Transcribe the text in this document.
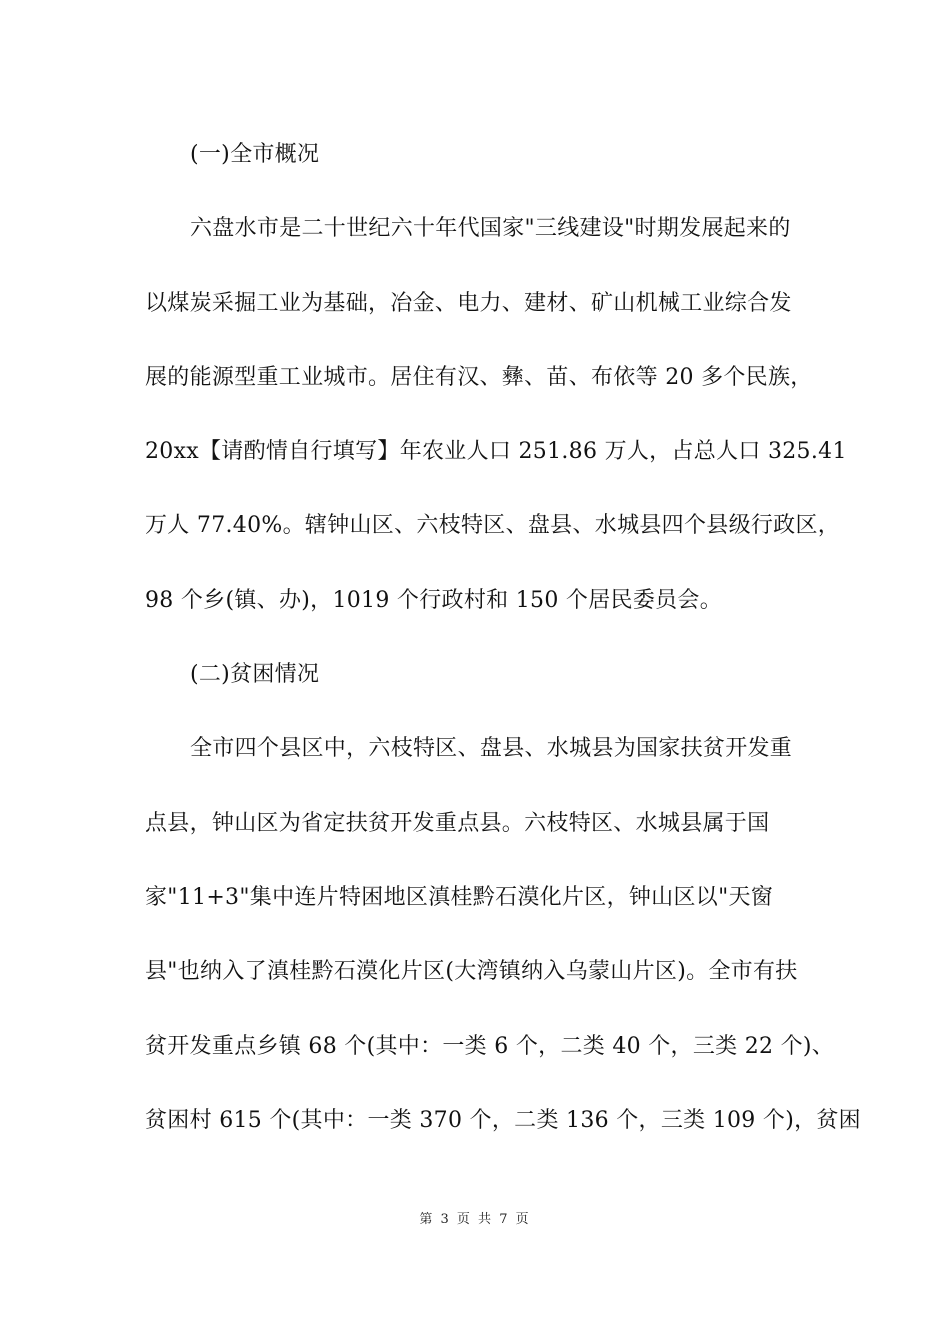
(一)全市概况
六盘水市是二十世纪六十年代国家"三线建设"时期发展起来的
以煤炭采掘工业为基础，冶金、电力、建材、矿山机械工业综合发
展的能源型重工业城市。居住有汉、彝、苗、布依等 20 多个民族，
20xx【请酌情自行填写】年农业人口 251.86 万人，占总人口 325.41
万人 77.40%。辖钟山区、六枝特区、盘县、水城县四个县级行政区，
98 个乡(镇、办)，1019 个行政村和 150 个居民委员会。
(二)贫困情况
全市四个县区中，六枝特区、盘县、水城县为国家扶贫开发重
点县，钟山区为省定扶贫开发重点县。六枝特区、水城县属于国
家"11+3"集中连片特困地区滇桂黔石漠化片区，钟山区以"天窗
县"也纳入了滇桂黔石漠化片区(大湾镇纳入乌蒙山片区)。全市有扶
贫开发重点乡镇 68 个(其中：一类 6 个，二类 40 个，三类 22 个)、
贫困村 615 个(其中：一类 370 个，二类 136 个，三类 109 个)，贫困
第 3 页 共 7 页
